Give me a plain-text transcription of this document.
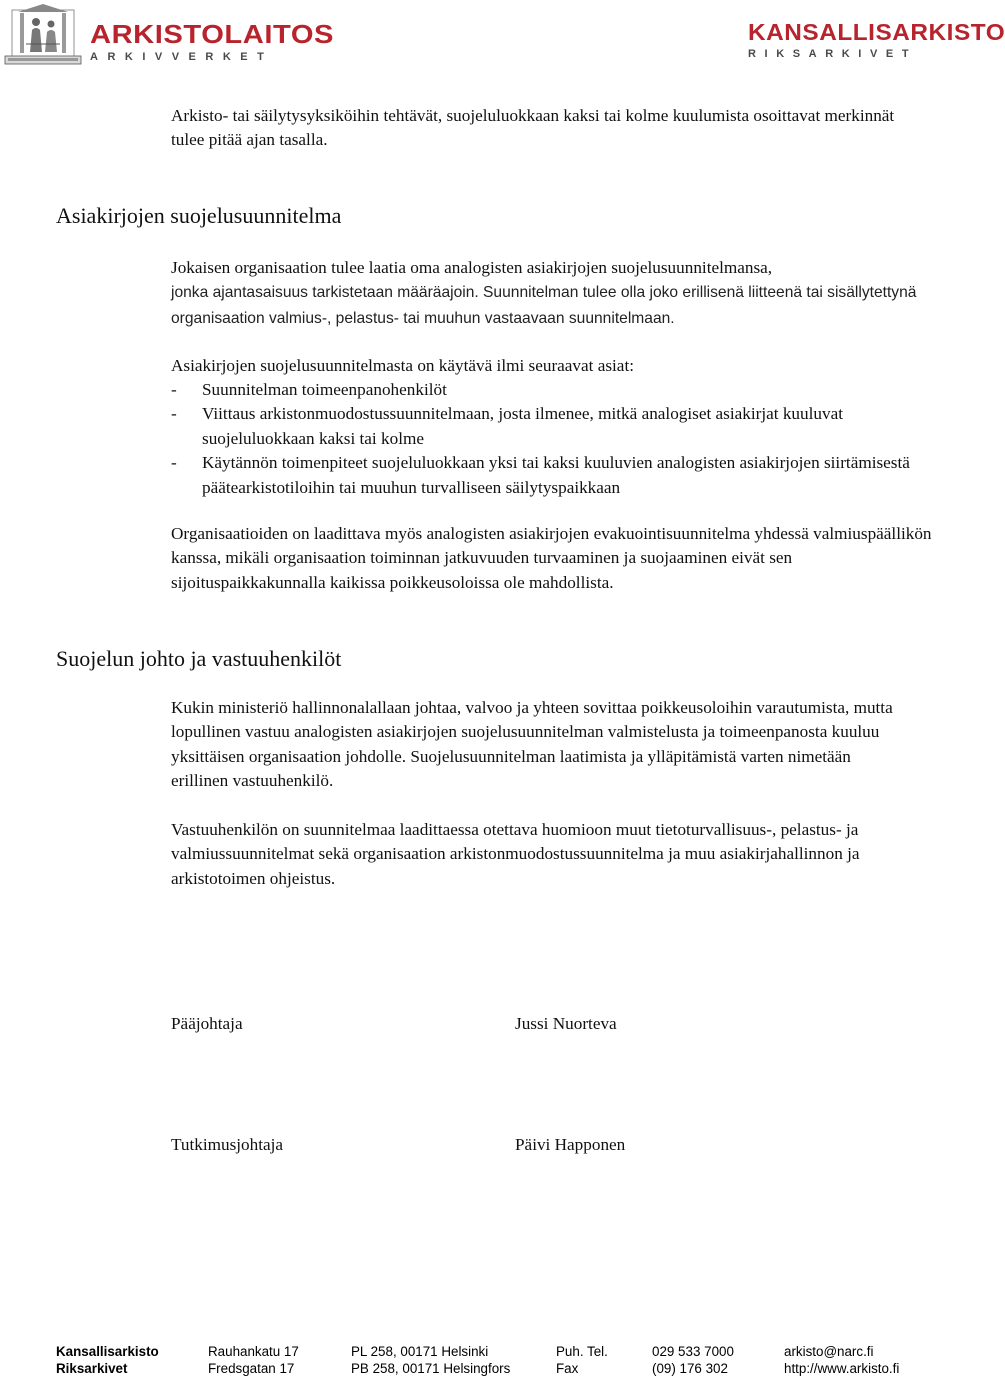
ARKISTOLAITOS
ARKIVVERKET
KANSALLISARKISTO
RIKSARKIVET
Arkisto- tai säilytysyksiköihin tehtävät, suojeluluokkaan kaksi tai kolme kuulumista osoittavat merkinnät tulee pitää ajan tasalla.
Asiakirjojen suojelusuunnitelma
Jokaisen organisaation tulee laatia oma analogisten asiakirjojen suojelusuunnitelmansa,
jonka ajantasaisuus tarkistetaan määräajoin. Suunnitelman tulee olla joko erillisenä liitteenä tai sisällytettynä organisaation valmius-, pelastus- tai muuhun vastaavaan suunnitelmaan.
Asiakirjojen suojelusuunnitelmasta on käytävä ilmi seuraavat asiat:
-	Suunnitelman toimeenpanohenkilöt
-	Viittaus arkistonmuodostussuunnitelmaan, josta ilmenee, mitkä analogiset asiakirjat kuuluvat suojeluluokkaan kaksi tai kolme
-	Käytännön toimenpiteet suojeluluokkaan yksi tai kaksi kuuluvien analogisten asiakirjojen siirtämisestä päätearkistotiloihin tai muuhun turvalliseen säilytyspaikkaan
Organisaatioiden on laadittava myös analogisten asiakirjojen evakuointisuunnitelma yhdessä valmiuspäällikön kanssa, mikäli organisaation toiminnan jatkuvuuden turvaaminen ja suojaaminen eivät sen sijoituspaikkakunnalla kaikissa poikkeusoloissa ole mahdollista.
Suojelun johto ja vastuuhenkilöt
Kukin ministeriö hallinnonalallaan johtaa, valvoo ja yhteen sovittaa poikkeusoloihin varautumista, mutta lopullinen vastuu analogisten asiakirjojen suojelusuunnitelman valmistelusta ja toimeenpanosta kuuluu yksittäisen organisaation johdolle. Suojelusuunnitelman laatimista ja ylläpitämistä varten nimetään erillinen vastuuhenkilö.
Vastuuhenkilön on suunnitelmaa laadittaessa otettava huomioon muut tietoturvallisuus-, pelastus- ja valmiussuunnitelmat sekä organisaation arkistonmuodostussuunnitelma ja muu asiakirjahallinnon ja arkistotoimen ohjeistus.
Pääjohtaja	Jussi Nuorteva
Tutkimusjohtaja	Päivi Happonen
Kansallisarkisto	Rauhankatu 17	PL 258, 00171 Helsinki	Puh. Tel.	029 533 7000	arkisto@narc.fi
Riksarkivet	Fredsgatan 17	PB 258, 00171 Helsingfors	Fax	(09) 176 302	http://www.arkisto.fi
